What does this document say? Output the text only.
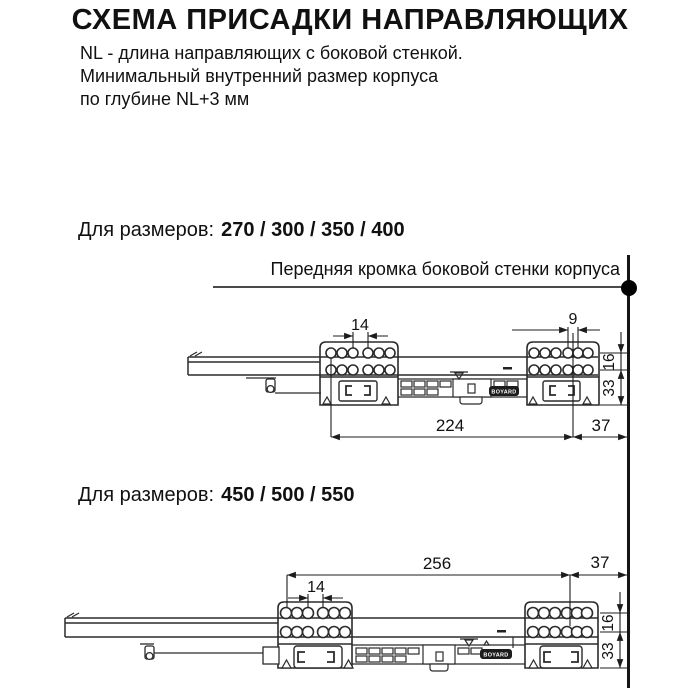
СХЕМА ПРИСАДКИ НАПРАВЛЯЮЩИХ
NL - длина направляющих с боковой стенкой.
Минимальный внутренний размер корпуса
по глубине NL+3 мм
Для размеров: 270 / 300 / 350 / 400
Передняя кромка боковой стенки корпуса
Для размеров: 450 / 500 / 550
BOYARD
14	9
224	37
16
33
BOYARD
256	37
14
16
33
